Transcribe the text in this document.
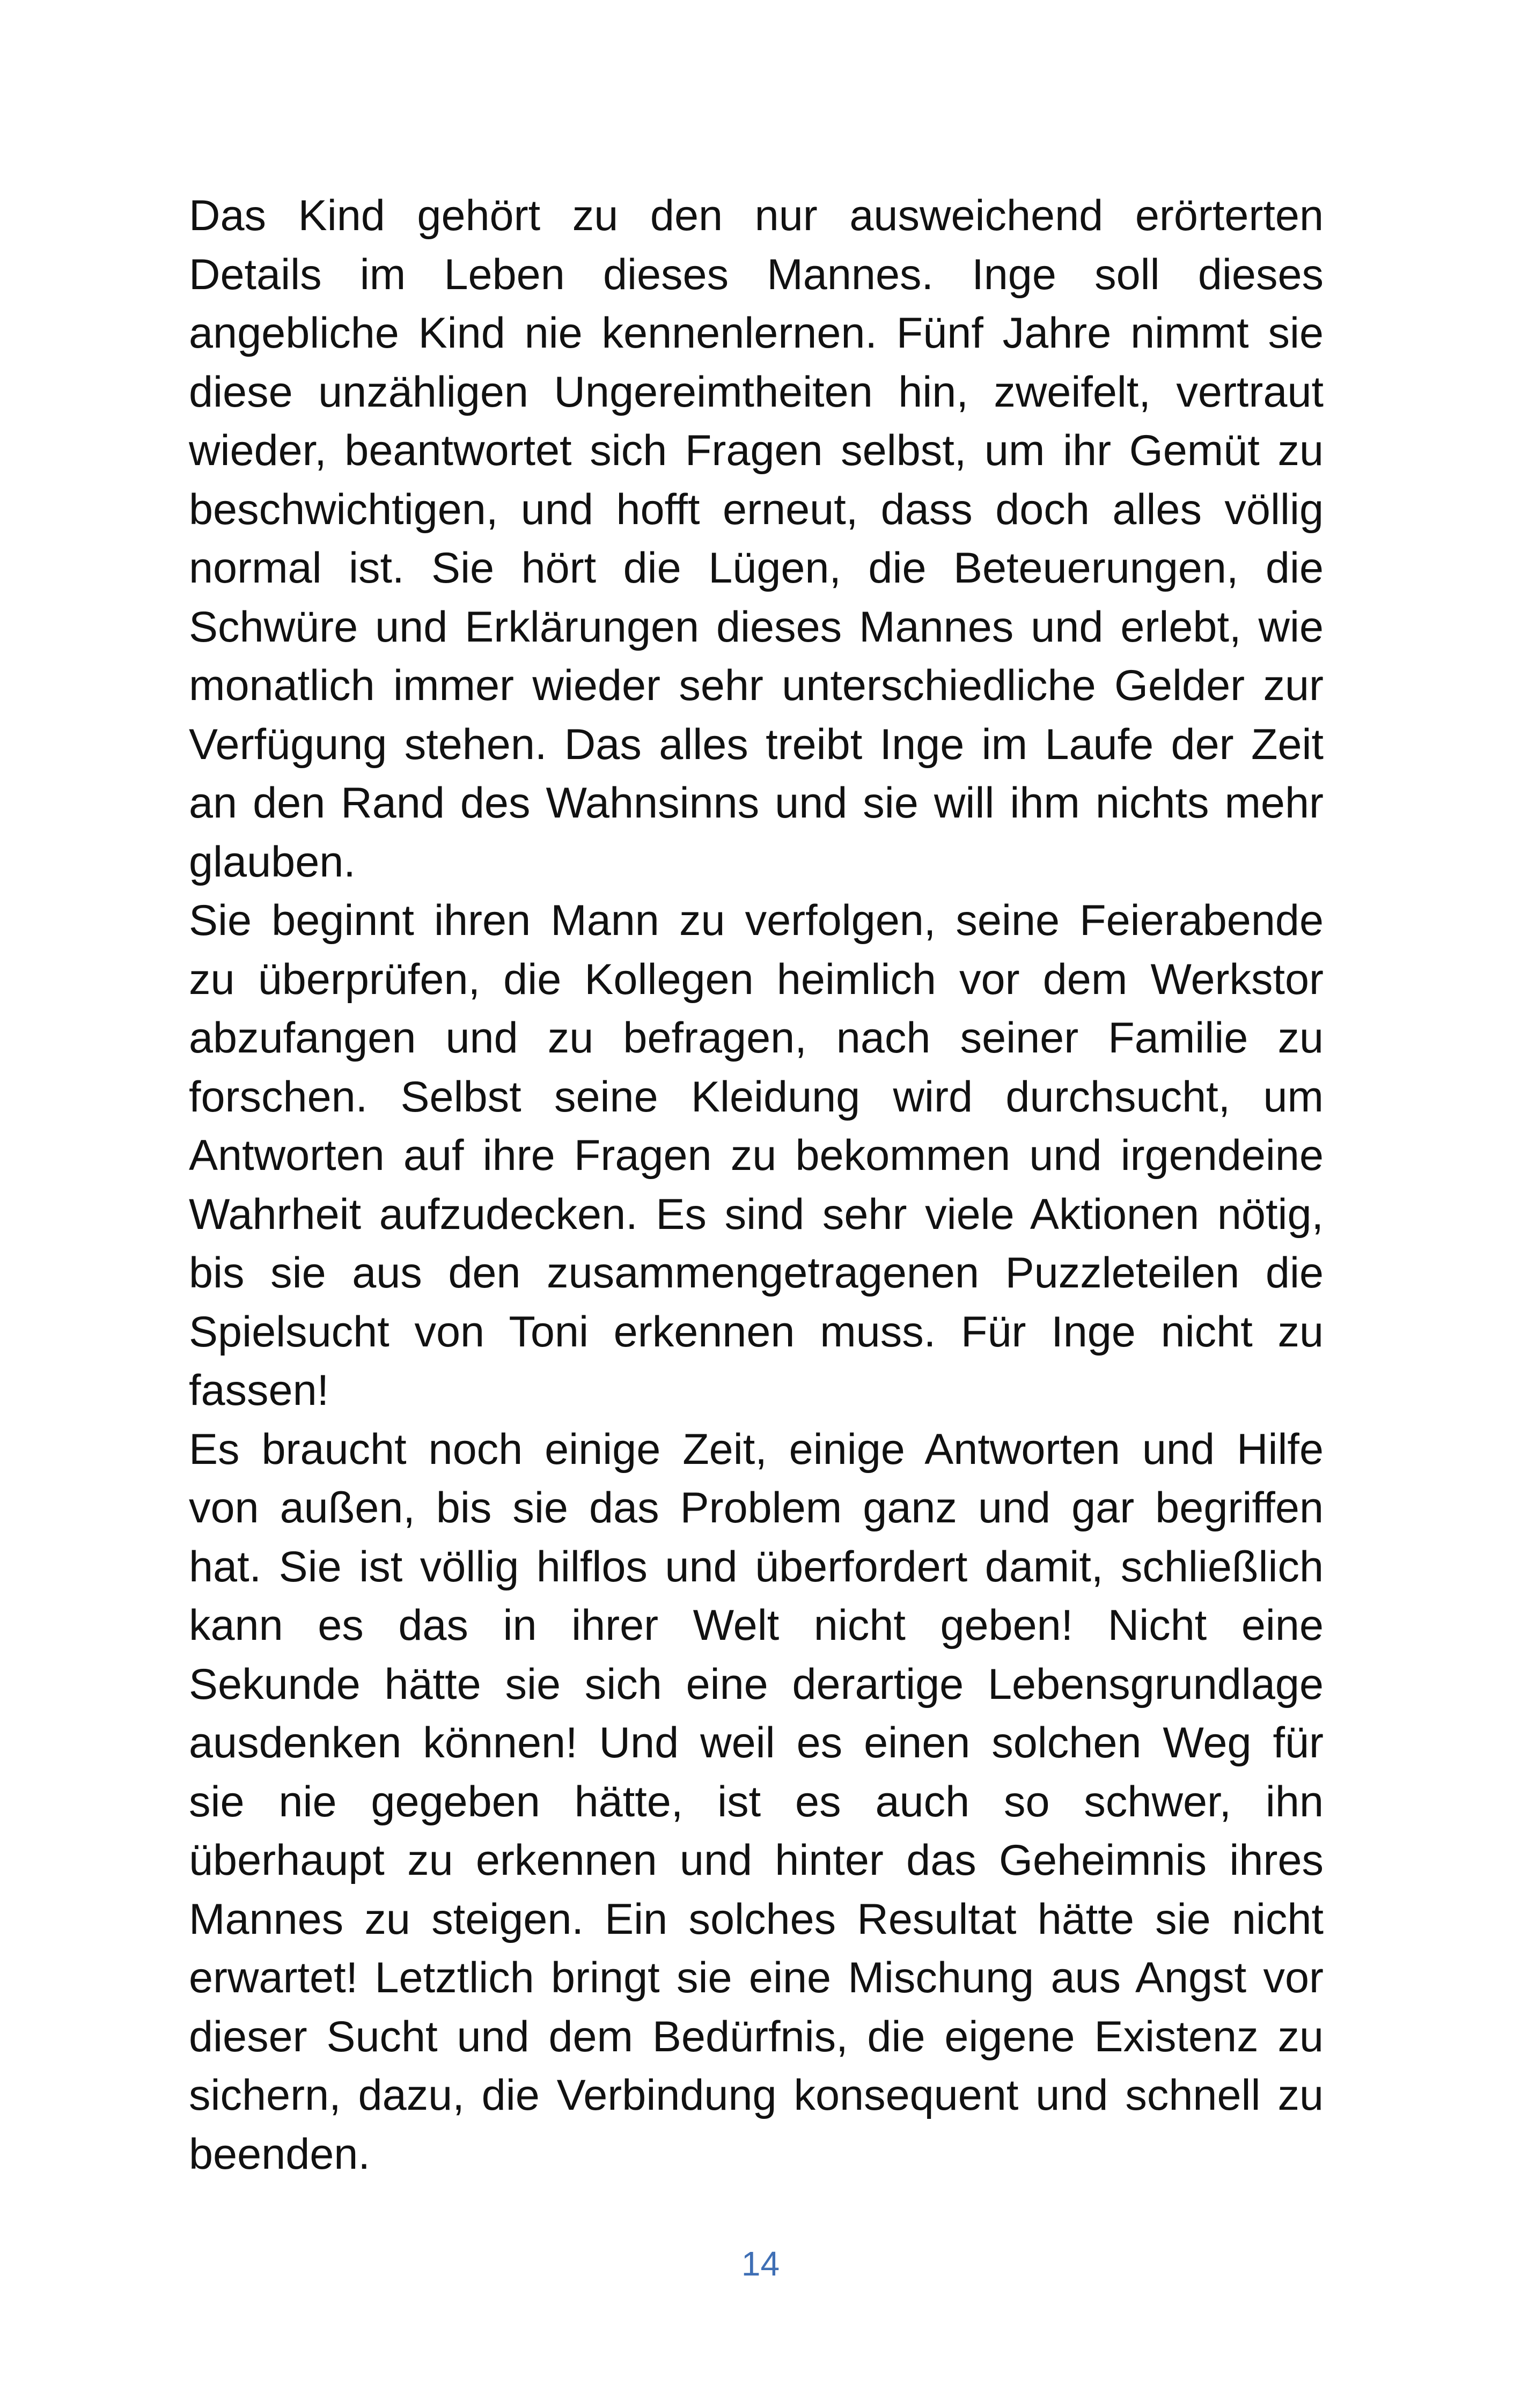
Das Kind gehört zu den nur ausweichend erörterten
Details im Leben dieses Mannes. Inge soll dieses
angebliche Kind nie kennenlernen. Fünf Jahre nimmt sie
diese unzähligen Ungereimtheiten hin, zweifelt, vertraut
wieder, beantwortet sich Fragen selbst, um ihr Gemüt zu
beschwichtigen, und hofft erneut, dass doch alles völlig
normal ist. Sie hört die Lügen, die Beteuerungen, die
Schwüre und Erklärungen dieses Mannes und erlebt, wie
monatlich immer wieder sehr unterschiedliche Gelder zur
Verfügung stehen. Das alles treibt Inge im Laufe der Zeit
an den Rand des Wahnsinns und sie will ihm nichts mehr
glauben.
Sie beginnt ihren Mann zu verfolgen, seine Feierabende
zu überprüfen, die Kollegen heimlich vor dem Werkstor
abzufangen und zu befragen, nach seiner Familie zu
forschen. Selbst seine Kleidung wird durchsucht, um
Antworten auf ihre Fragen zu bekommen und irgendeine
Wahrheit aufzudecken. Es sind sehr viele Aktionen nötig,
bis sie aus den zusammengetragenen Puzzleteilen die
Spielsucht von Toni erkennen muss. Für Inge nicht zu
fassen!
Es braucht noch einige Zeit, einige Antworten und Hilfe
von außen, bis sie das Problem ganz und gar begriffen
hat. Sie ist völlig hilflos und überfordert damit, schließlich
kann es das in ihrer Welt nicht geben! Nicht eine
Sekunde hätte sie sich eine derartige Lebensgrundlage
ausdenken können! Und weil es einen solchen Weg für
sie nie gegeben hätte, ist es auch so schwer, ihn
überhaupt zu erkennen und hinter das Geheimnis ihres
Mannes zu steigen. Ein solches Resultat hätte sie nicht
erwartet! Letztlich bringt sie eine Mischung aus Angst vor
dieser Sucht und dem Bedürfnis, die eigene Existenz zu
sichern, dazu, die Verbindung konsequent und schnell zu
beenden.
14
